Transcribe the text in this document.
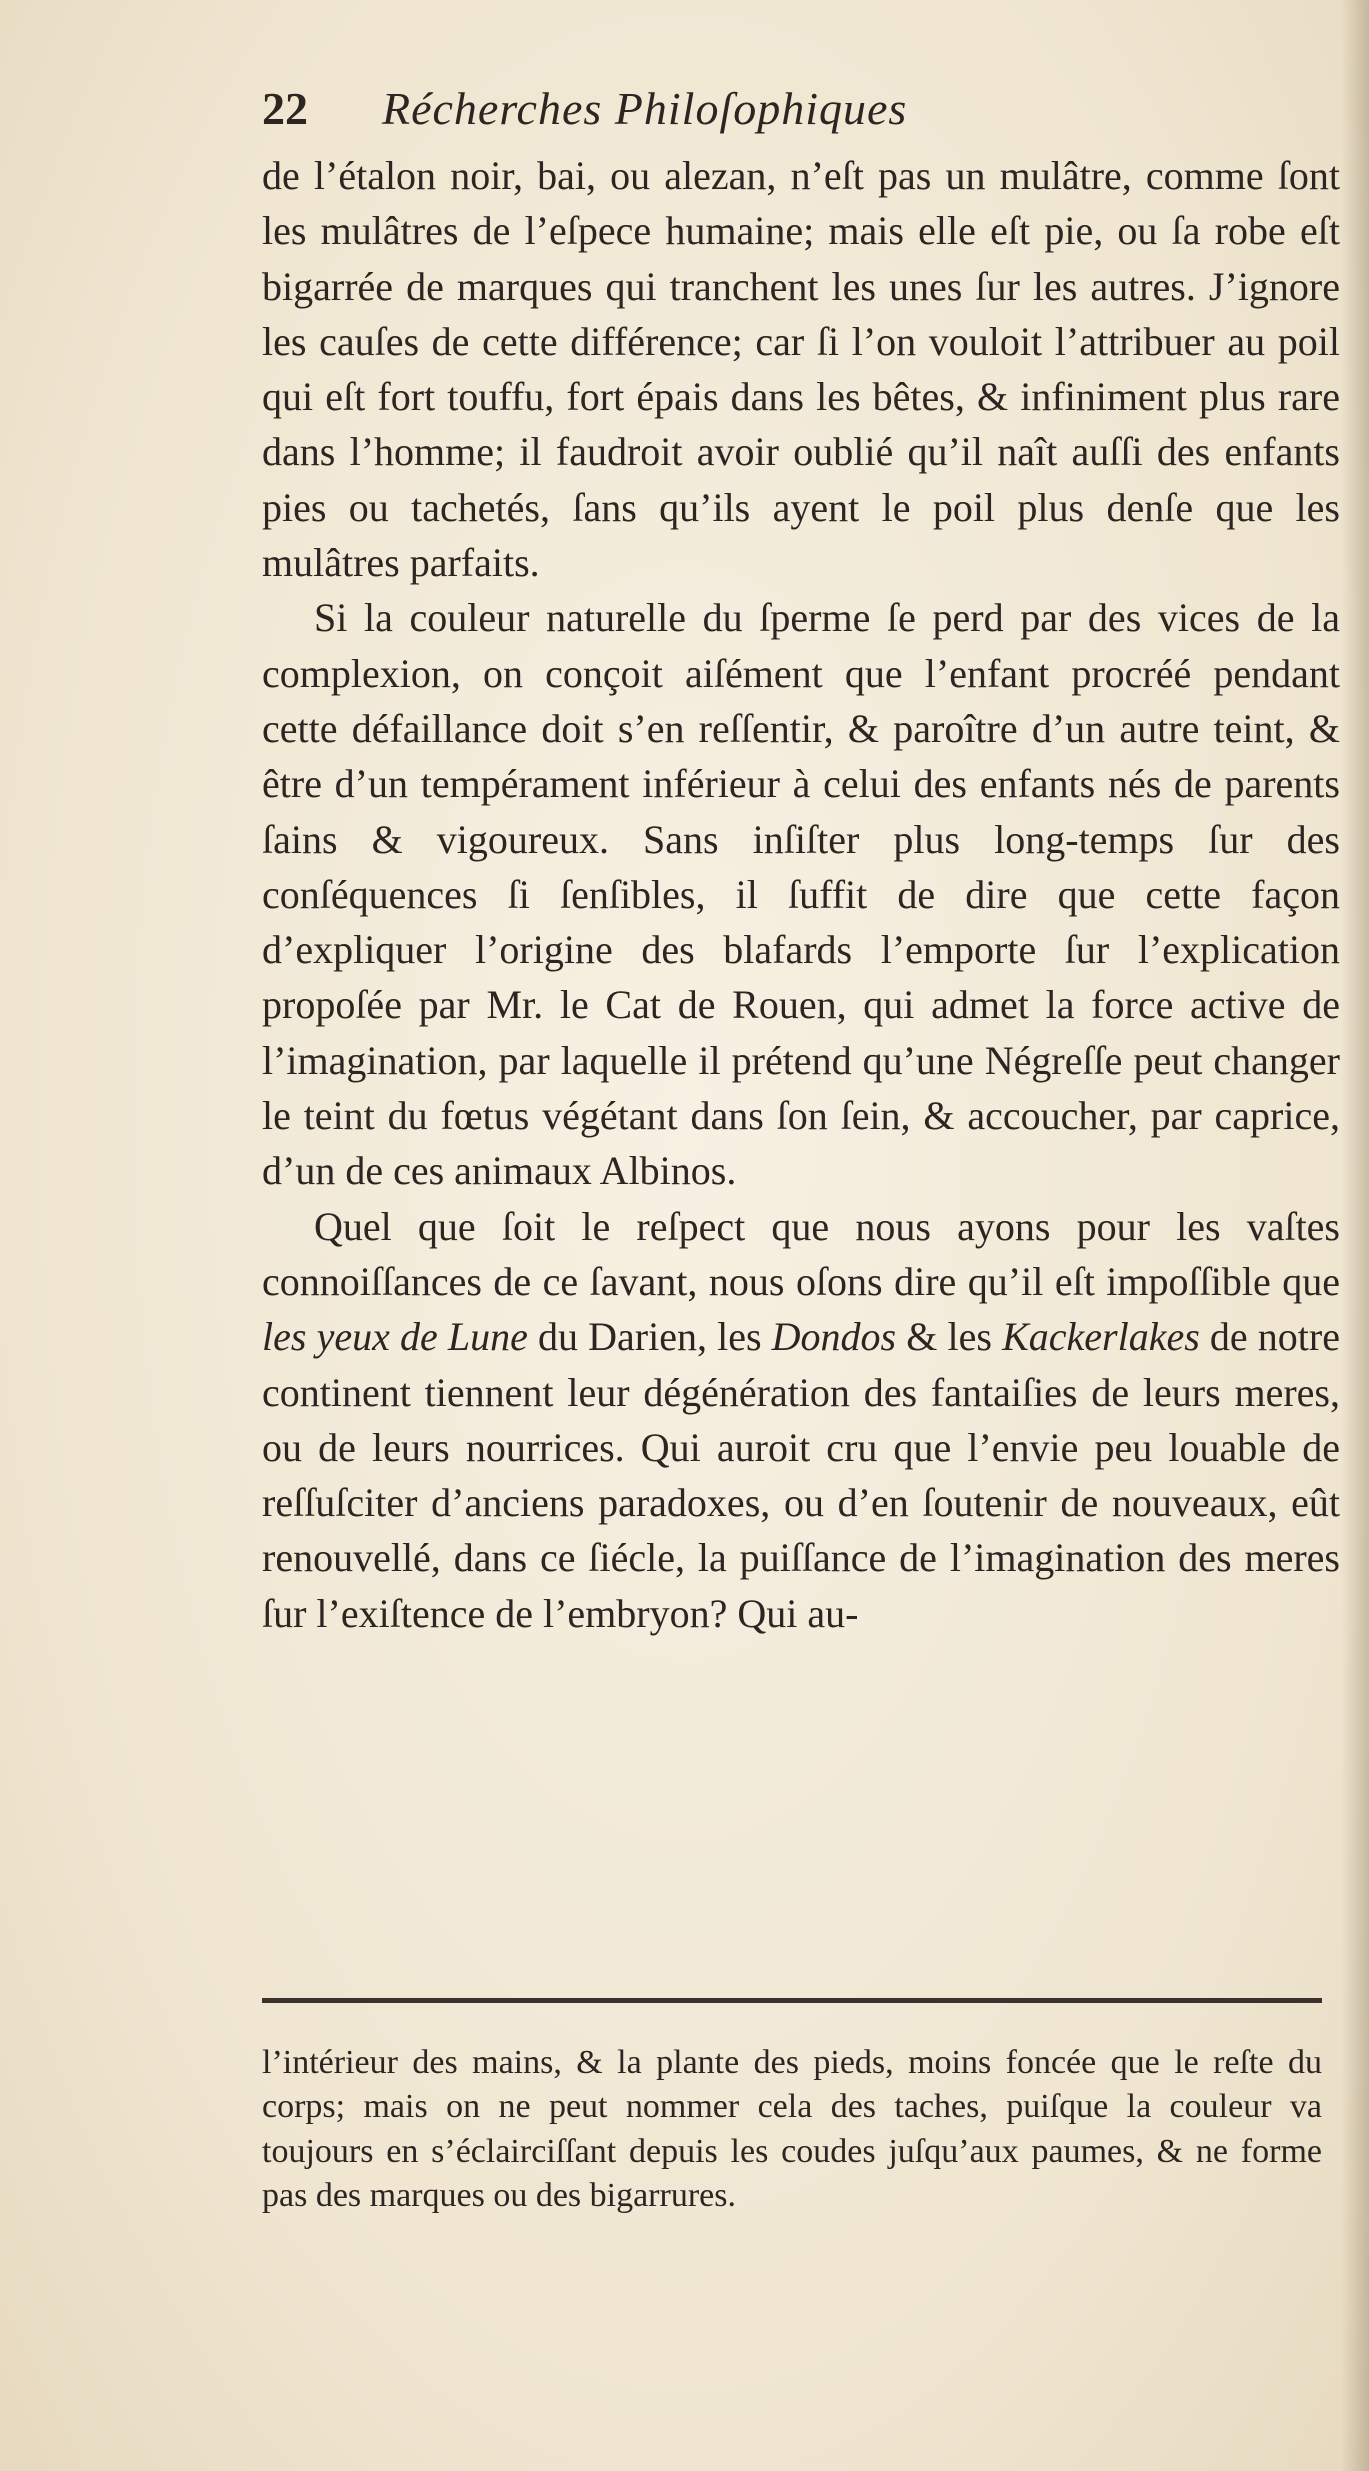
22 Récherches Philoſophiques

de l’étalon noir, bai, ou alezan, n’eſt pas un mulâtre, comme ſont les mulâtres de l’eſpece humaine; mais elle eſt pie, ou ſa robe eſt bigarrée de marques qui tranchent les unes ſur les autres. J’ignore les cauſes de cette différence; car ſi l’on vouloit l’attribuer au poil qui eſt fort touffu, fort épais dans les bêtes, & infiniment plus rare dans l’homme; il faudroit avoir oublié qu’il naît auſſi des enfants pies ou tachetés, ſans qu’ils ayent le poil plus denſe que les mulâtres parfaits.

Si la couleur naturelle du ſperme ſe perd par des vices de la complexion, on conçoit aiſément que l’enfant procréé pendant cette défaillance doit s’en reſſentir, & paroître d’un autre teint, & être d’un tempérament inférieur à celui des enfants nés de parents ſains & vigoureux. Sans inſiſter plus long-temps ſur des conſéquences ſi ſenſibles, il ſuffit de dire que cette façon d’expliquer l’origine des blafards l’emporte ſur l’explication propoſée par Mr. le Cat de Rouen, qui admet la force active de l’imagination, par laquelle il prétend qu’une Négreſſe peut changer le teint du fœtus végétant dans ſon ſein, & accoucher, par caprice, d’un de ces animaux Albinos.

Quel que ſoit le reſpect que nous ayons pour les vaſtes connoiſſances de ce ſavant, nous oſons dire qu’il eſt impoſſible que les yeux de Lune du Darien, les Dondos & les Kackerlakes de notre continent tiennent leur dégénération des fantaiſies de leurs meres, ou de leurs nourrices. Qui auroit cru que l’envie peu louable de reſſuſciter d’anciens paradoxes, ou d’en ſoutenir de nouveaux, eût renouvellé, dans ce ſiécle, la puiſſance de l’imagination des meres ſur l’exiſtence de l’embryon? Qui au-

l’intérieur des mains, & la plante des pieds, moins foncée que le reſte du corps; mais on ne peut nommer cela des taches, puiſque la couleur va toujours en s’éclairciſſant depuis les coudes juſqu’aux paumes, & ne forme pas des marques ou des bigarrures.
